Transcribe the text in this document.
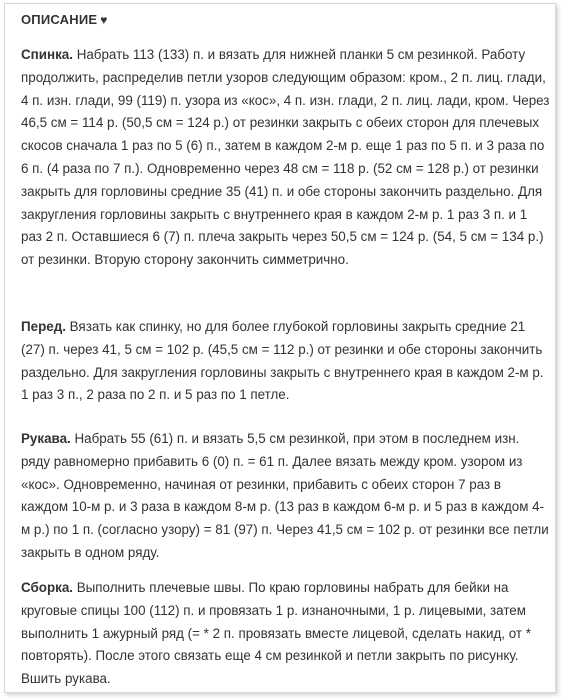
ОПИСАНИЕ ♥

Спинка. Набрать 113 (133) п. и вязать для нижней планки 5 см резинкой. Работу продолжить, распределив петли узоров следующим образом: кром., 2 п. лиц. глади, 4 п. изн. глади, 99 (119) п. узора из «кос», 4 п. изн. глади, 2 п. лиц. лади, кром. Через 46,5 см = 114 р. (50,5 см = 124 р.) от резинки закрыть с обеих сторон для плечевых скосов сначала 1 раз по 5 (6) п., затем в каждом 2-м р. еще 1 раз по 5 п. и 3 раза по 6 п. (4 раза по 7 п.). Одновременно через 48 см = 118 р. (52 см = 128 р.) от резинки закрыть для горловины средние 35 (41) п. и обе стороны закончить раздельно. Для закругления горловины закрыть с внутреннего края в каждом 2-м р. 1 раз 3 п. и 1 раз 2 п. Оставшиеся 6 (7) п. плеча закрыть через 50,5 см = 124 р. (54, 5 см = 134 р.) от резинки. Вторую сторону закончить симметрично.

Перед. Вязать как спинку, но для более глубокой горловины закрыть средние 21 (27) п. через 41, 5 см = 102 р. (45,5 см = 112 р.) от резинки и обе стороны закончить раздельно. Для закругления горловины закрыть с внутреннего края в каждом 2-м р. 1 раз 3 п., 2 раза по 2 п. и 5 раз по 1 петле.

Рукава. Набрать 55 (61) п. и вязать 5,5 см резинкой, при этом в последнем изн. ряду равномерно прибавить 6 (0) п. = 61 п. Далее вязать между кром. узором из «кос». Одновременно, начиная от резинки, прибавить с обеих сторон 7 раз в каждом 10-м р. и 3 раза в каждом 8-м р. (13 раз в каждом 6-м р. и 5 раз в каждом 4-м р.) по 1 п. (согласно узору) = 81 (97) п. Через 41,5 см = 102 р. от резинки все петли закрыть в одном ряду.

Сборка. Выполнить плечевые швы. По краю горловины набрать для бейки на круговые спицы 100 (112) п. и провязать 1 р. изнаночными, 1 р. лицевыми, затем выполнить 1 ажурный ряд (= * 2 п. провязать вместе лицевой, сделать накид, от * повторять). После этого связать еще 4 см резинкой и петли закрыть по рисунку. Вшить рукава.
